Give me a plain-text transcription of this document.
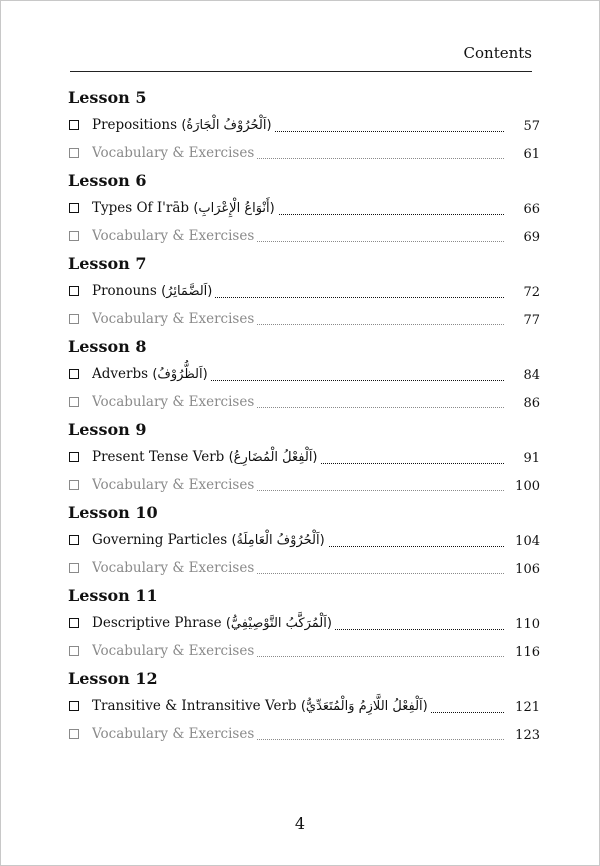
Contents
Lesson 5
Prepositions (اَلْحُرُوْفُ الْجَارَةُ)	57
Vocabulary & Exercises	61
Lesson 6
Types Of I'rāb (أَنْوَاعُ الْإِعْرَابِ)	66
Vocabulary & Exercises	69
Lesson 7
Pronouns (اَلضَّمَائِرُ)	72
Vocabulary & Exercises	77
Lesson 8
Adverbs (اَلظُّرُوْفُ)	84
Vocabulary & Exercises	86
Lesson 9
Present Tense Verb (اَلْفِعْلُ الْمُضَارِعُ)	91
Vocabulary & Exercises	100
Lesson 10
Governing Particles (اَلْحُرُوْفُ الْعَامِلَةُ)	104
Vocabulary & Exercises	106
Lesson 11
Descriptive Phrase (اَلْمُرَكَّبُ التَّوْصِيْفِيُّ)	110
Vocabulary & Exercises	116
Lesson 12
Transitive & Intransitive Verb (اَلْفِعْلُ اللَّازِمُ وَالْمُتَعَدِّيُّ)	121
Vocabulary & Exercises	123
4
